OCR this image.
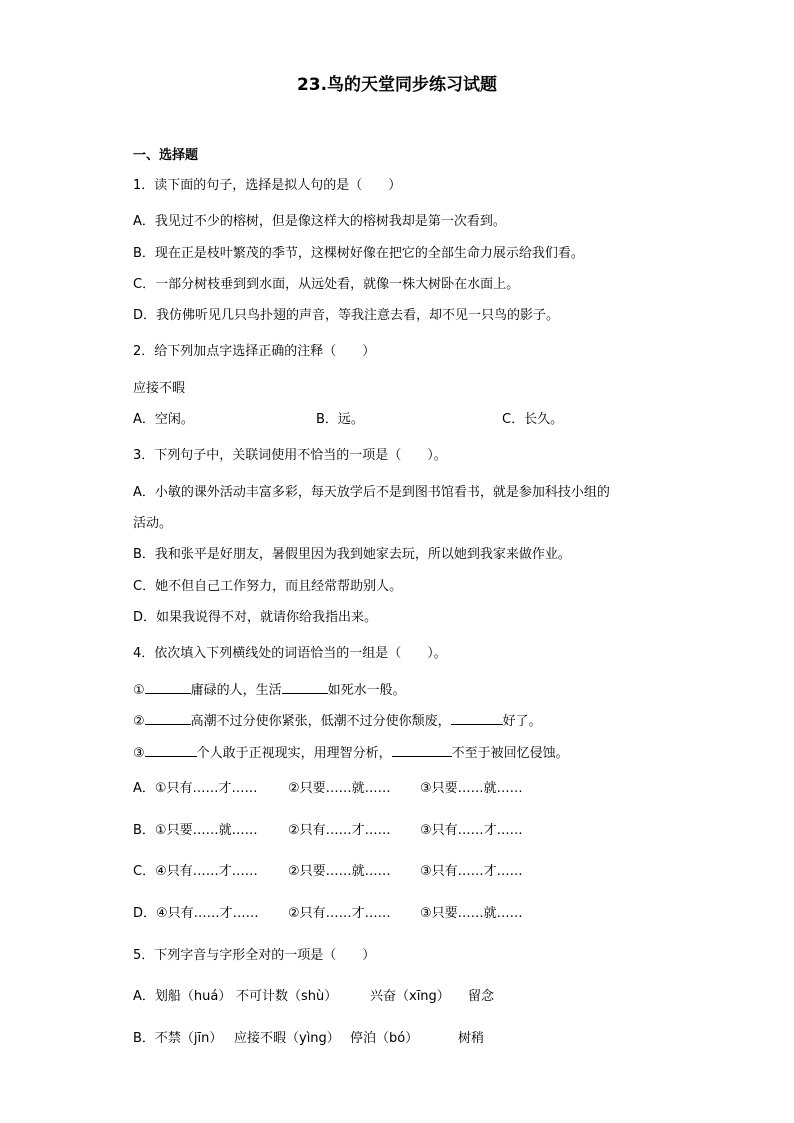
23.鸟的天堂同步练习试题
一、选择题
1．读下面的句子，选择是拟人句的是（　　）
A．我见过不少的榕树，但是像这样大的榕树我却是第一次看到。
B．现在正是枝叶繁茂的季节，这棵树好像在把它的全部生命力展示给我们看。
C．一部分树枝垂到到水面，从远处看，就像一株大树卧在水面上。
D．我仿佛听见几只鸟扑翅的声音，等我注意去看，却不见一只鸟的影子。
2．给下列加点字选择正确的注释（　　）
应接不暇
A．空闲。	B．远。	C．长久。
3．下列句子中，关联词使用不恰当的一项是（　　）。
A．小敏的课外活动丰富多彩，每天放学后不是到图书馆看书，就是参加科技小组的
活动。
B．我和张平是好朋友，暑假里因为我到她家去玩，所以她到我家来做作业。
C．她不但自己工作努力，而且经常帮助别人。
D．如果我说得不对，就请你给我指出来。
4．依次填入下列横线处的词语恰当的一组是（　　）。
①	庸碌的人，生活	如死水一般。
②	高潮不过分使你紧张，低潮不过分使你颓废，	好了。
③	个人敢于正视现实，用理智分析，	不至于被回忆侵蚀。
A．①只有……才…… ②只要……就…… ③只要……就……
B．①只要……就…… ②只有……才…… ③只有……才……
C．④只有……才…… ②只要……就…… ③只有……才……
D．④只有……才…… ②只有……才…… ③只要……就……
5．下列字音与字形全对的一项是（　　）
A．划船（huá） 不可计数（shù）	兴奋（xīng） 留念
B．不禁（jīn） 应接不暇（yìng） 停泊（bó）	树稍
